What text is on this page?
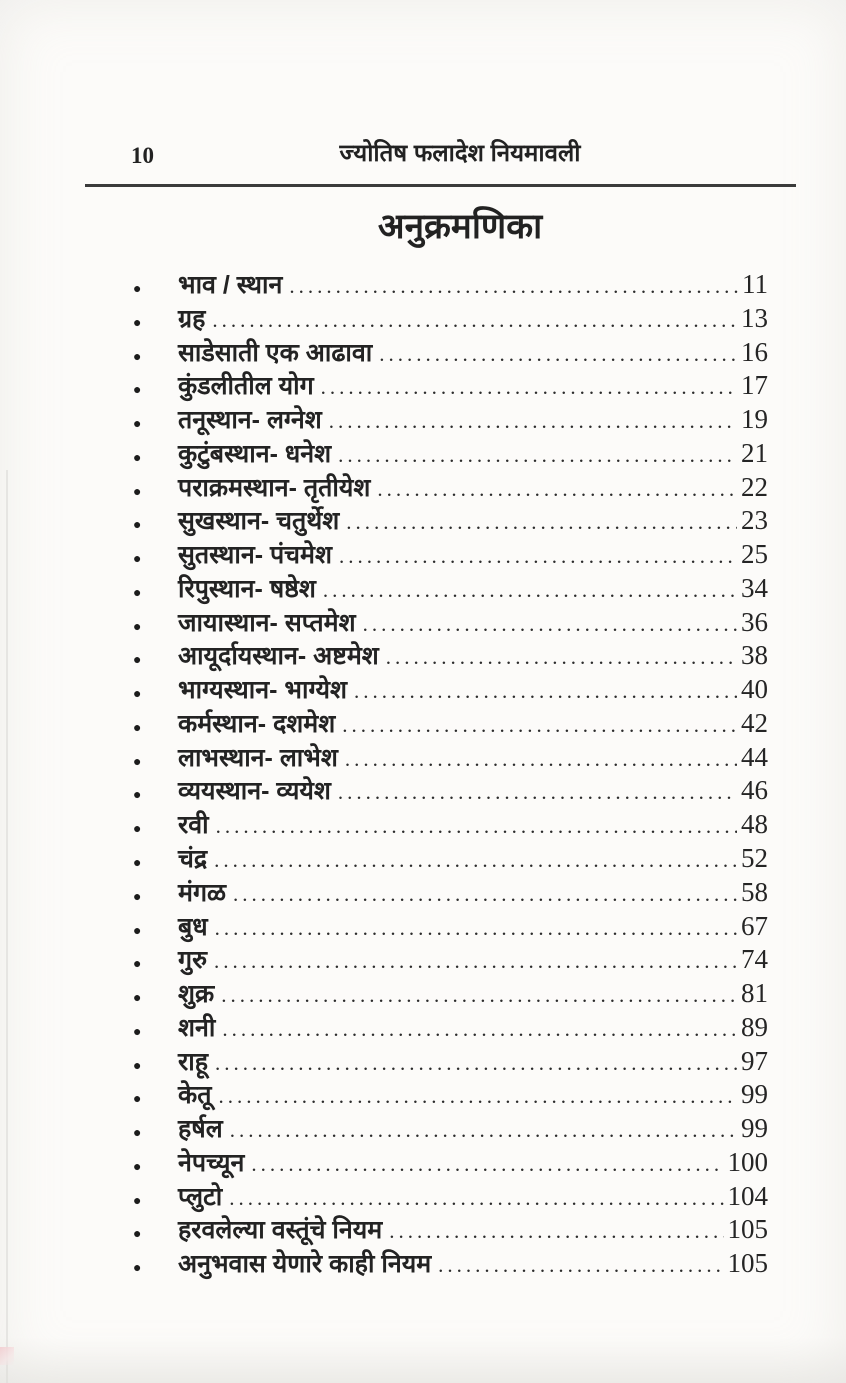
10	ज्योतिष फलादेश नियमावली
अनुक्रमणिका
●
भाव / स्थान .....	11
●
ग्रह .....	13
●
साडेसाती एक आढावा .....	16
●
कुंडलीतील योग .....	17
●
तनूस्थान- लग्नेश .....	19
●
कुटुंबस्थान- धनेश .....	21
●
पराक्रमस्थान- तृतीयेश .....	22
●
सुखस्थान- चतुर्थेश .....	23
●
सुतस्थान- पंचमेश .....	25
●
रिपुस्थान- षष्ठेश .....	34
●
जायास्थान- सप्तमेश .....	36
●
आयूर्दायस्थान- अष्टमेश .....	38
●
भाग्यस्थान- भाग्येश .....	40
●
कर्मस्थान- दशमेश .....	42
●
लाभस्थान- लाभेश .....	44
●
व्ययस्थान- व्ययेश .....	46
●
रवी .....	48
●
चंद्र .....	52
●
मंगळ .....	58
●
बुध .....	67
●
गुरु .....	74
●
शुक्र .....	81
●
शनी .....	89
●
राहू .....	97
●
केतू .....	99
●
हर्षल .....	99
●
नेपच्यून .....	100
●
प्लुटो .....	104
●
हरवलेल्या वस्तूंचे नियम .....	105
●
अनुभवास येणारे काही नियम .....	105
